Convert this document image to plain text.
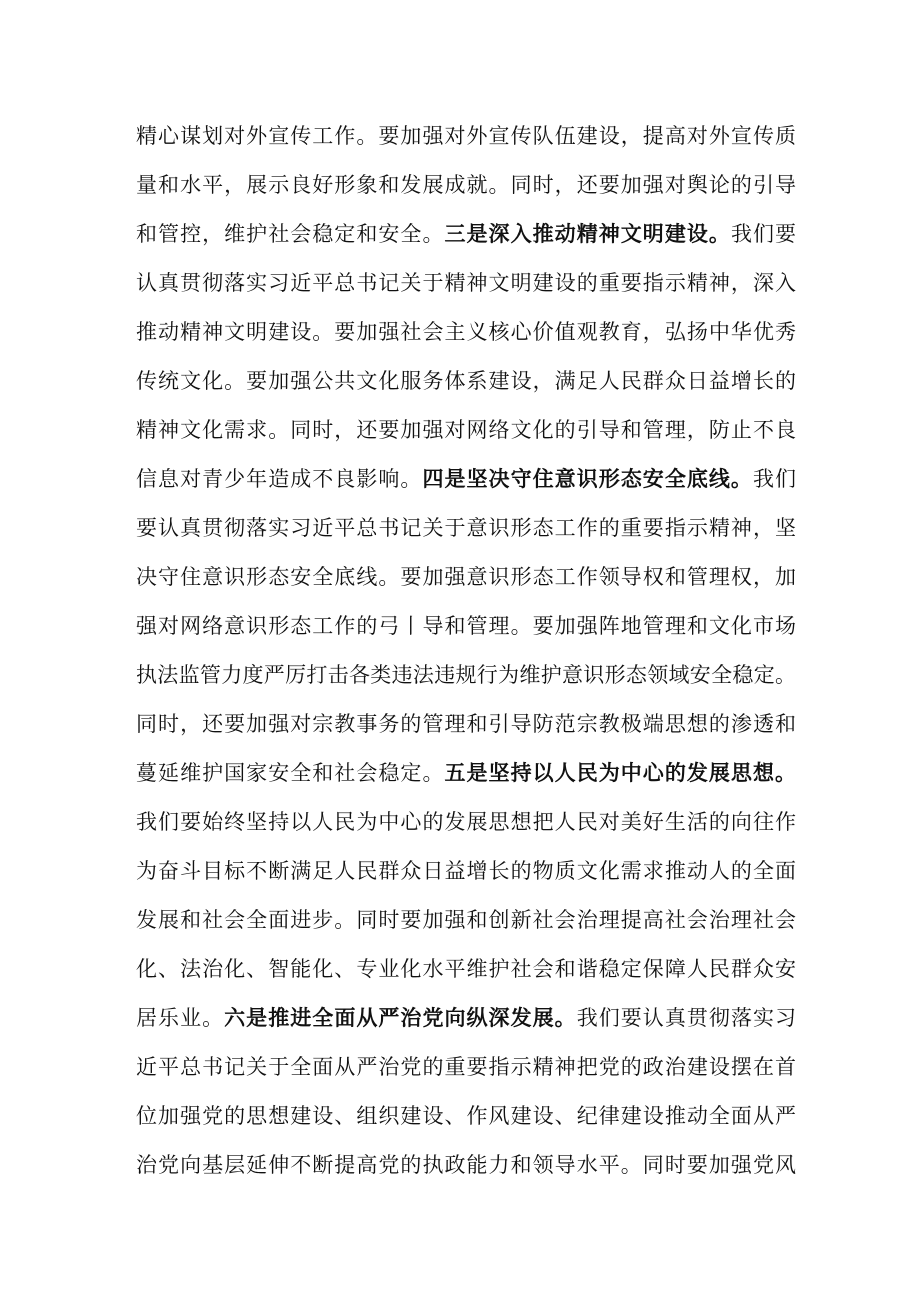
精心谋划对外宣传工作。要加强对外宣传队伍建设，提高对外宣传质
量和水平，展示良好形象和发展成就。同时，还要加强对舆论的引导
和管控，维护社会稳定和安全。三是深入推动精神文明建设。我们要
认真贯彻落实习近平总书记关于精神文明建设的重要指示精神，深入
推动精神文明建设。要加强社会主义核心价值观教育，弘扬中华优秀
传统文化。要加强公共文化服务体系建设，满足人民群众日益增长的
精神文化需求。同时，还要加强对网络文化的引导和管理，防止不良
信息对青少年造成不良影响。四是坚决守住意识形态安全底线。我们
要认真贯彻落实习近平总书记关于意识形态工作的重要指示精神，坚
决守住意识形态安全底线。要加强意识形态工作领导权和管理权，加
强对网络意识形态工作的弓丨导和管理。要加强阵地管理和文化市场
执法监管力度严厉打击各类违法违规行为维护意识形态领域安全稳定。
同时，还要加强对宗教事务的管理和引导防范宗教极端思想的渗透和
蔓延维护国家安全和社会稳定。五是坚持以人民为中心的发展思想。
我们要始终坚持以人民为中心的发展思想把人民对美好生活的向往作
为奋斗目标不断满足人民群众日益增长的物质文化需求推动人的全面
发展和社会全面进步。同时要加强和创新社会治理提高社会治理社会
化、法治化、智能化、专业化水平维护社会和谐稳定保障人民群众安
居乐业。六是推进全面从严治党向纵深发展。我们要认真贯彻落实习
近平总书记关于全面从严治党的重要指示精神把党的政治建设摆在首
位加强党的思想建设、组织建设、作风建设、纪律建设推动全面从严
治党向基层延伸不断提高党的执政能力和领导水平。同时要加强党风
